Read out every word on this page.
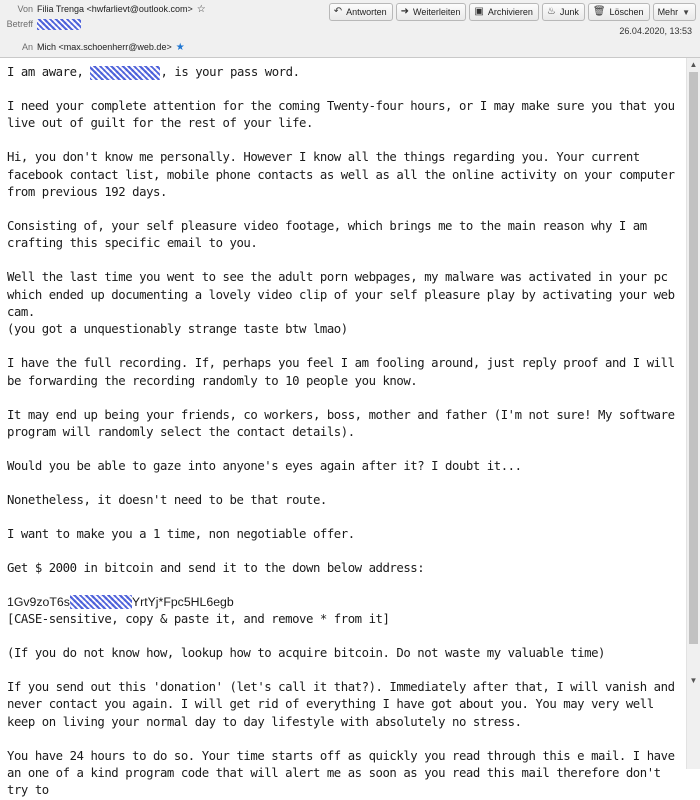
Von Filia Trenga <hwfarlievt@outlook.com> ☆
Betreff
An Mich <max.schoenherr@web.de> ★
↶ Antworten ➜ Weiterleiten ▣ Archivieren ♨ Junk 🗑 Löschen Mehr ▼
26.04.2020, 13:53

I am aware,	, is your pass word.

I need your complete attention for the coming Twenty-four hours, or I may make sure you that you live out of guilt for the rest of your life.

Hi, you don't know me personally. However I know all the things regarding you. Your current facebook contact list, mobile phone contacts as well as all the online activity on your computer from previous 192 days.

Consisting of, your self pleasure video footage, which brings me to the main reason why I am crafting this specific email to you.

Well the last time you went to see the adult porn webpages, my malware was activated in your pc which ended up documenting a lovely video clip of your self pleasure play by activating your web cam.
(you got a unquestionably strange taste btw lmao)

I have the full recording. If, perhaps you feel I am fooling around, just reply proof and I will be forwarding the recording randomly to 10 people you know.

It may end up being your friends, co workers, boss, mother and father (I'm not sure! My software program will randomly select the contact details).

Would you be able to gaze into anyone's eyes again after it? I doubt it...

Nonetheless, it doesn't need to be that route.

I want to make you a 1 time, non negotiable offer.

Get $ 2000 in bitcoin and send it to the down below address:

1Gv9zoT6s	YrtYj*Fpc5HL6egb
[CASE-sensitive, copy & paste it, and remove * from it]

(If you do not know how, lookup how to acquire bitcoin. Do not waste my valuable time)

If you send out this 'donation' (let's call it that?). Immediately after that, I will vanish and never contact you again. I will get rid of everything I have got about you. You may very well keep on living your normal day to day lifestyle with absolutely no stress.

You have 24 hours to do so. Your time starts off as quickly you read through this e mail. I have an one of a kind program code that will alert me as soon as you read this mail therefore don't try to

▲
▼
